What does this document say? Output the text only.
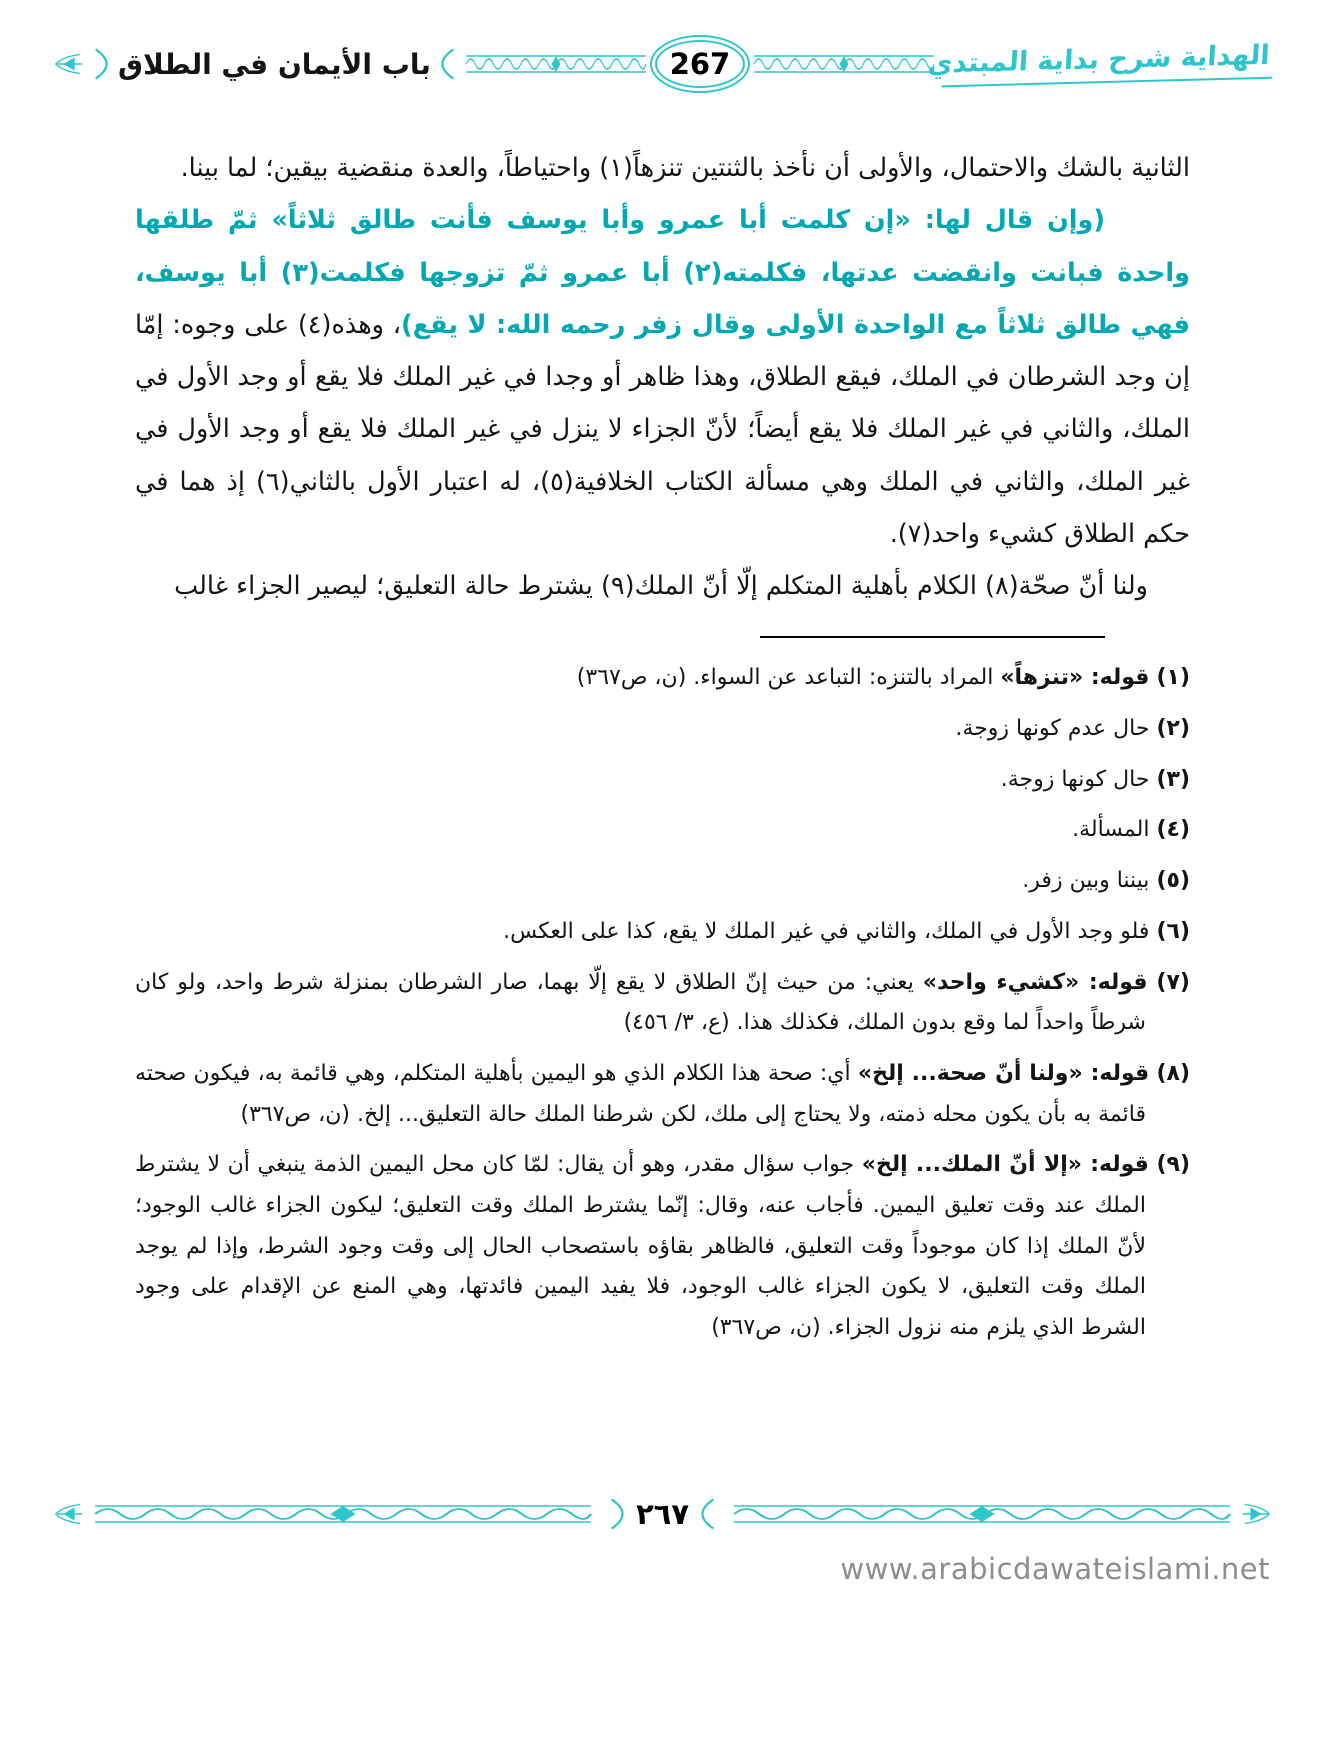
الهداية شرح بداية المبتدي
267
باب الأيمان في الطلاق

الثانية بالشك والاحتمال، والأولى أن نأخذ بالثنتين تنزهاً(١) واحتياطاً، والعدة منقضية بيقين؛ لما بينا.

(وإن قال لها: «إن كلمت أبا عمرو وأبا يوسف فأنت طالق ثلاثاً» ثمّ طلقها واحدة فبانت وانقضت عدتها، فكلمته(٢) أبا عمرو ثمّ تزوجها فكلمت(٣) أبا يوسف، فهي طالق ثلاثاً مع الواحدة الأولى وقال زفر رحمه الله: لا يقع)، وهذه(٤) على وجوه: إمّا إن وجد الشرطان في الملك، فيقع الطلاق، وهذا ظاهر أو وجدا في غير الملك فلا يقع أو وجد الأول في الملك، والثاني في غير الملك فلا يقع أيضاً؛ لأنّ الجزاء لا ينزل في غير الملك فلا يقع أو وجد الأول في غير الملك، والثاني في الملك وهي مسألة الكتاب الخلافية(٥)، له اعتبار الأول بالثاني(٦) إذ هما في حكم الطلاق كشيء واحد(٧).

ولنا أنّ صحّة(٨) الكلام بأهلية المتكلم إلّا أنّ الملك(٩) يشترط حالة التعليق؛ ليصير الجزاء غالب

(١) قوله: «تنزهاً» المراد بالتنزه: التباعد عن السواء. (ن، ص٣٦٧)
(٢) حال عدم كونها زوجة.
(٣) حال كونها زوجة.
(٤) المسألة.
(٥) بيننا وبين زفر.
(٦) فلو وجد الأول في الملك، والثاني في غير الملك لا يقع، كذا على العكس.
(٧) قوله: «كشيء واحد» يعني: من حيث إنّ الطلاق لا يقع إلّا بهما، صار الشرطان بمنزلة شرط واحد، ولو كان شرطاً واحداً لما وقع بدون الملك، فكذلك هذا. (ع، ٣/ ٤٥٦)
(٨) قوله: «ولنا أنّ صحة... إلخ» أي: صحة هذا الكلام الذي هو اليمين بأهلية المتكلم، وهي قائمة به، فيكون صحته قائمة به بأن يكون محله ذمته، ولا يحتاج إلى ملك، لكن شرطنا الملك حالة التعليق... إلخ. (ن، ص٣٦٧)
(٩) قوله: «إلا أنّ الملك... إلخ» جواب سؤال مقدر، وهو أن يقال: لمّا كان محل اليمين الذمة ينبغي أن لا يشترط الملك عند وقت تعليق اليمين. فأجاب عنه، وقال: إنّما يشترط الملك وقت التعليق؛ ليكون الجزاء غالب الوجود؛ لأنّ الملك إذا كان موجوداً وقت التعليق، فالظاهر بقاؤه باستصحاب الحال إلى وقت وجود الشرط، وإذا لم يوجد الملك وقت التعليق، لا يكون الجزاء غالب الوجود، فلا يفيد اليمين فائدتها، وهي المنع عن الإقدام على وجود الشرط الذي يلزم منه نزول الجزاء. (ن، ص٣٦٧)
٢٦٧
www.arabicdawateislami.net
